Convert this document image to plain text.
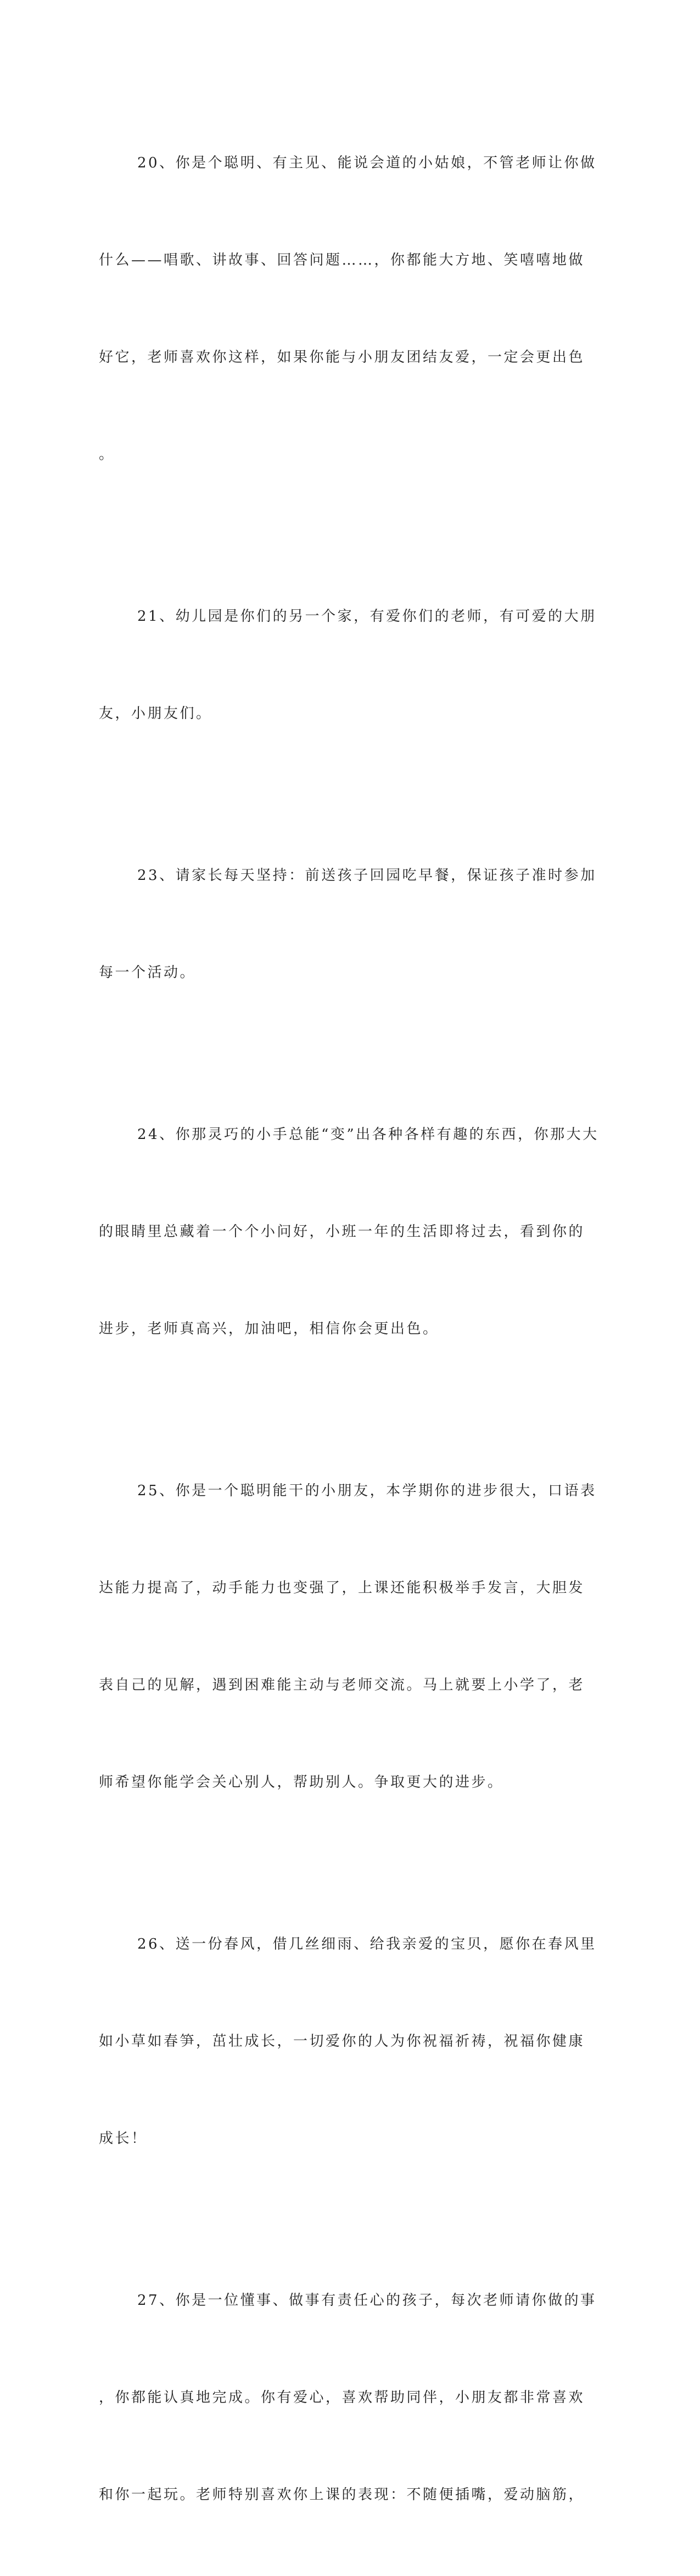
20、你是个聪明、有主见、能说会道的小姑娘，不管老师让你做

什么——唱歌、讲故事、回答问题……，你都能大方地、笑嘻嘻地做

好它，老师喜欢你这样，如果你能与小朋友团结友爱，一定会更出色

。

21、幼儿园是你们的另一个家，有爱你们的老师，有可爱的大朋

友，小朋友们。

23、请家长每天坚持：前送孩子回园吃早餐，保证孩子准时参加

每一个活动。

24、你那灵巧的小手总能“变”出各种各样有趣的东西，你那大大

的眼睛里总藏着一个个小问好，小班一年的生活即将过去，看到你的

进步，老师真高兴，加油吧，相信你会更出色。

25、你是一个聪明能干的小朋友，本学期你的进步很大，口语表

达能力提高了，动手能力也变强了，上课还能积极举手发言，大胆发

表自己的见解，遇到困难能主动与老师交流。马上就要上小学了，老

师希望你能学会关心别人，帮助别人。争取更大的进步。

26、送一份春风，借几丝细雨、给我亲爱的宝贝，愿你在春风里

如小草如春笋，茁壮成长，一切爱你的人为你祝福祈祷，祝福你健康

成长！

27、你是一位懂事、做事有责任心的孩子，每次老师请你做的事

，你都能认真地完成。你有爱心，喜欢帮助同伴，小朋友都非常喜欢

和你一起玩。老师特别喜欢你上课的表现：不随便插嘴，爱动脑筋，
